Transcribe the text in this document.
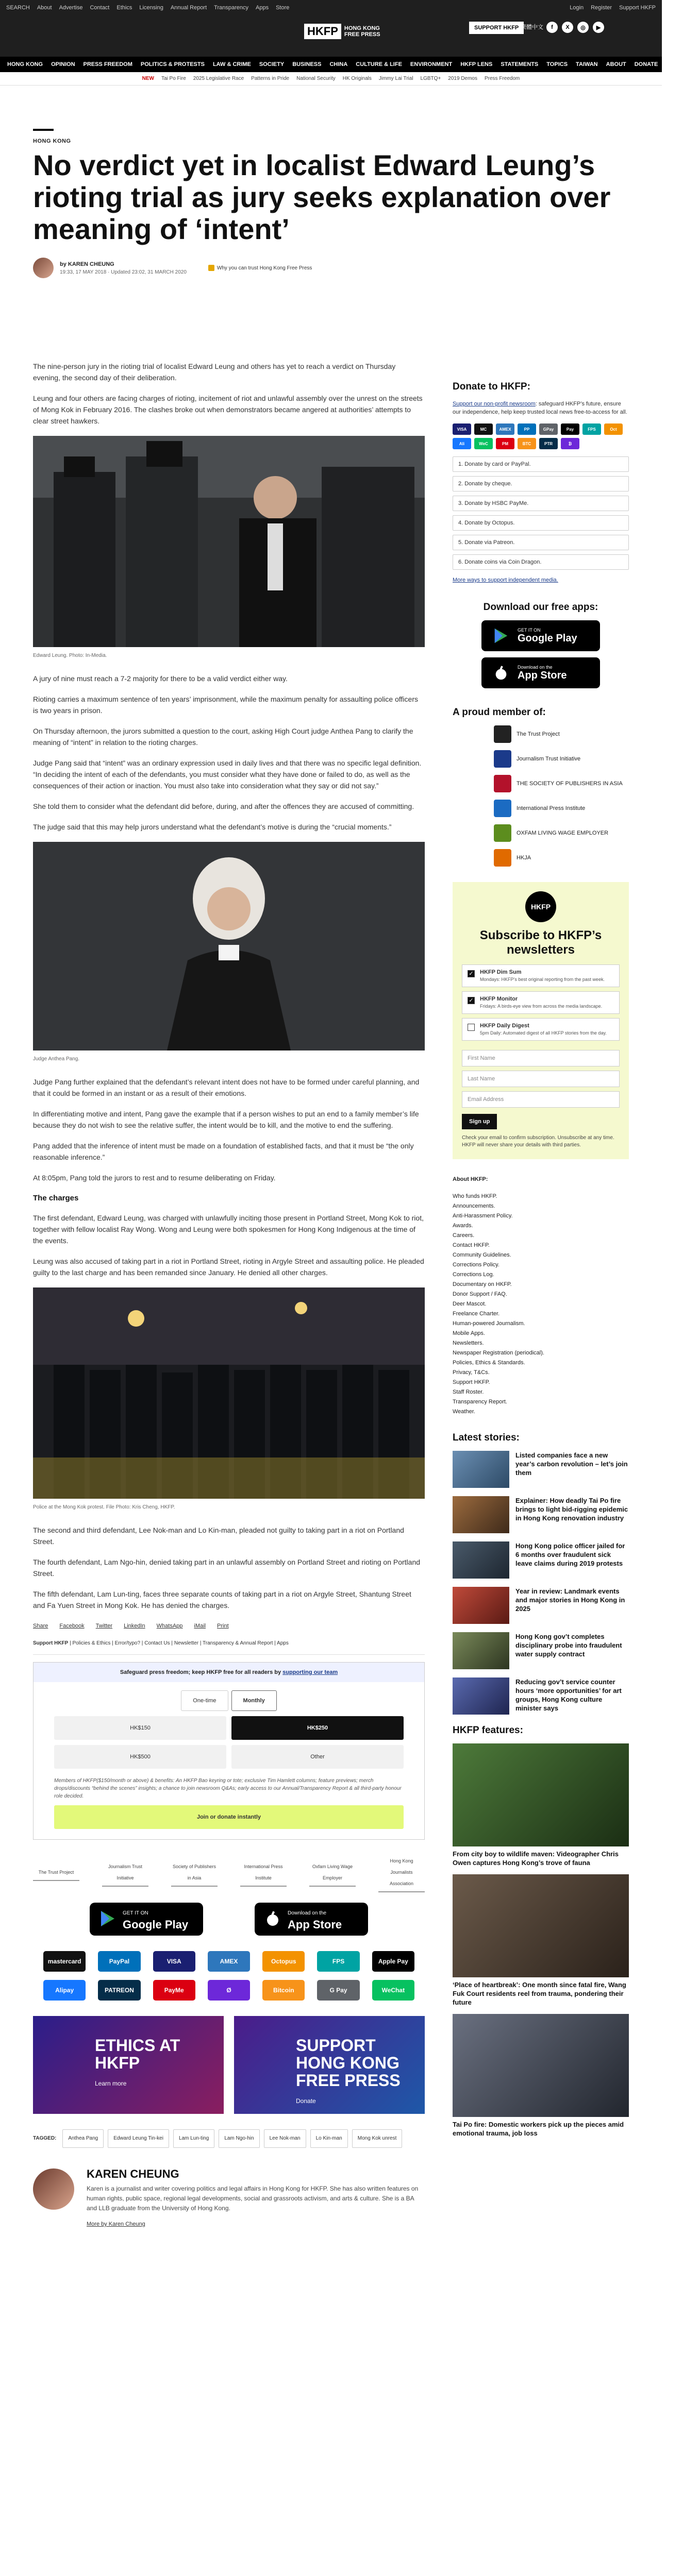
SEARCH About Advertise Contact Ethics Licensing Annual Report Transparency Apps Store	Login Register Support HKFP
HKFP	HONG KONG
FREE PRESS
SUPPORT HKFP 繁體中文	f	X	◎	▶
HONG KONG OPINION PRESS FREEDOM POLITICS & PROTESTS LAW & CRIME SOCIETY BUSINESS CHINA CULTURE & LIFE ENVIRONMENT HKFP LENS STATEMENTS TOPICS TAIWAN ABOUT DONATE MORE
NEW Tai Po Fire 2025 Legislative Race Patterns in Pride National Security HK Originals Jimmy Lai Trial LGBTQ+ 2019 Demos Press Freedom
HONG KONG
No verdict yet in localist Edward Leung’s rioting trial as jury seeks explanation over meaning of ‘intent’
by KAREN CHEUNG
19:33, 17 MAY 2018 · Updated 23:02, 31 MARCH 2020
Why you can trust Hong Kong Free Press

The nine-person jury in the rioting trial of localist Edward Leung and others has yet to reach a verdict on Thursday evening, the second day of their deliberation.

Leung and four others are facing charges of rioting, incitement of riot and unlawful assembly over the unrest on the streets of Mong Kok in February 2016. The clashes broke out when demonstrators became angered at authorities’ attempts to clear street hawkers.

Edward Leung. Photo: In-Media.

A jury of nine must reach a 7-2 majority for there to be a valid verdict either way.

Rioting carries a maximum sentence of ten years’ imprisonment, while the maximum penalty for assaulting police officers is two years in prison.

On Thursday afternoon, the jurors submitted a question to the court, asking High Court judge Anthea Pang to clarify the meaning of “intent” in relation to the rioting charges.

Judge Pang said that “intent” was an ordinary expression used in daily lives and that there was no specific legal definition. “In deciding the intent of each of the defendants, you must consider what they have done or failed to do, as well as the consequences of their action or inaction. You must also take into consideration what they say or did not say.”

She told them to consider what the defendant did before, during, and after the offences they are accused of committing.

The judge said that this may help jurors understand what the defendant’s motive is during the “crucial moments.”

Judge Anthea Pang.

Judge Pang further explained that the defendant’s relevant intent does not have to be formed under careful planning, and that it could be formed in an instant or as a result of their emotions.

In differentiating motive and intent, Pang gave the example that if a person wishes to put an end to a family member’s life because they do not wish to see the relative suffer, the intent would be to kill, and the motive to end the suffering.

Pang added that the inference of intent must be made on a foundation of established facts, and that it must be “the only reasonable inference.”

At 8:05pm, Pang told the jurors to rest and to resume deliberating on Friday.

The charges

The first defendant, Edward Leung, was charged with unlawfully inciting those present in Portland Street, Mong Kok to riot, together with fellow localist Ray Wong. Wong and Leung were both spokesmen for Hong Kong Indigenous at the time of the events.

Leung was also accused of taking part in a riot in Portland Street, rioting in Argyle Street and assaulting police. He pleaded guilty to the last charge and has been remanded since January. He denied all other charges.

Police at the Mong Kok protest. File Photo: Kris Cheng, HKFP.

The second and third defendant, Lee Nok-man and Lo Kin-man, pleaded not guilty to taking part in a riot on Portland Street.

The fourth defendant, Lam Ngo-hin, denied taking part in an unlawful assembly on Portland Street and rioting on Portland Street.

The fifth defendant, Lam Lun-ting, faces three separate counts of taking part in a riot on Argyle Street, Shantung Street and Fa Yuen Street in Mong Kok. He has denied the charges.

Share Facebook Twitter LinkedIn WhatsApp iMail Print
Support HKFP | Policies & Ethics | Error/typo? | Contact Us | Newsletter | Transparency & Annual Report | Apps
Safeguard press freedom; keep HKFP free for all readers by supporting our team
One-time	Monthly
HK$150	HK$250
HK$500	Other
Members of HKFP($150/month or above) & benefits: An HKFP Bao keyring or tote; exclusive Tim Hamlett columns; feature previews; merch drops/discounts “behind the scenes” insights; a chance to join newsroom Q&As; early access to our Annual/Transparency Report & all third-party honour role decided.
Join or donate instantly
The Trust Project
Journalism Trust Initiative
Society of Publishers in Asia
International Press Institute
Oxfam Living Wage Employer
Hong Kong Journalists Association
GET IT ON
Google Play
Download on the
App Store
mastercard	PayPal	VISA	AMEX	Octopus	FPS	Apple Pay
Alipay	PATREON	PayMe	Ø	Bitcoin	G Pay	WeChat
ETHICS AT HKFP
Learn more
SUPPORT HONG KONG FREE PRESS
Donate
TAGGED:	Anthea Pang	Edward Leung Tin-kei	Lam Lun-ting	Lam Ngo-hin	Lee Nok-man	Lo Kin-man	Mong Kok unrest
KAREN CHEUNG
Karen is a journalist and writer covering politics and legal affairs in Hong Kong for HKFP. She has also written features on human rights, public space, regional legal developments, social and grassroots activism, and arts & culture. She is a BA and LLB graduate from the University of Hong Kong.
More by Karen Cheung
Donate to HKFP:
Support our non-profit newsroom: safeguard HKFP’s future, ensure our independence, help keep trusted local news free-to-access for all.
VISA	MC	AMEX	PP	GPay	Pay	FPS	Oct
Ali	WeC	PM	BTC	PTR	₿
1. Donate by card or PayPal.
2. Donate by cheque.
3. Donate by HSBC PayMe.
4. Donate by Octopus.
5. Donate via Patreon.
6. Donate coins via Coin Dragon.
More ways to support independent media.
Download our free apps:
GET IT ON
Google Play
Download on the
App Store
A proud member of:
The Trust Project
Journalism Trust Initiative
THE SOCIETY OF PUBLISHERS IN ASIA
International Press Institute
OXFAM LIVING WAGE EMPLOYER
HKJA
HKFP
Subscribe to HKFP’s newsletters
✓ HKFP Dim Sum
Mondays: HKFP’s best original reporting from the past week.
✓ HKFP Monitor
Fridays: A birds-eye view from across the media landscape.
HKFP Daily Digest
5pm Daily: Automated digest of all HKFP stories from the day.
First Name
Last Name
Email Address
Sign up
Check your email to confirm subscription. Unsubscribe at any time. HKFP will never share your details with third parties.
About HKFP:
Who funds HKFP.
Announcements.
Anti-Harassment Policy.
Awards.
Careers.
Contact HKFP.
Community Guidelines.
Corrections Policy.
Corrections Log.
Documentary on HKFP.
Donor Support / FAQ.
Deer Mascot.
Freelance Charter.
Human-powered Journalism.
Mobile Apps.
Newsletters.
Newspaper Registration (periodical).
Policies, Ethics & Standards.
Privacy, T&Cs.
Support HKFP.
Staff Roster.
Transparency Report.
Weather.
Latest stories:
Listed companies face a new year’s carbon revolution – let’s join them
Explainer: How deadly Tai Po fire brings to light bid-rigging epidemic in Hong Kong renovation industry
Hong Kong police officer jailed for 6 months over fraudulent sick leave claims during 2019 protests
Year in review: Landmark events and major stories in Hong Kong in 2025
Hong Kong gov’t completes disciplinary probe into fraudulent water supply contract
Reducing gov’t service counter hours ‘more opportunities’ for art groups, Hong Kong culture minister says
HKFP features:
From city boy to wildlife maven: Videographer Chris Owen captures Hong Kong’s trove of fauna
‘Place of heartbreak’: One month since fatal fire, Wang Fuk Court residents reel from trauma, pondering their future
Tai Po fire: Domestic workers pick up the pieces amid emotional trauma, job loss
